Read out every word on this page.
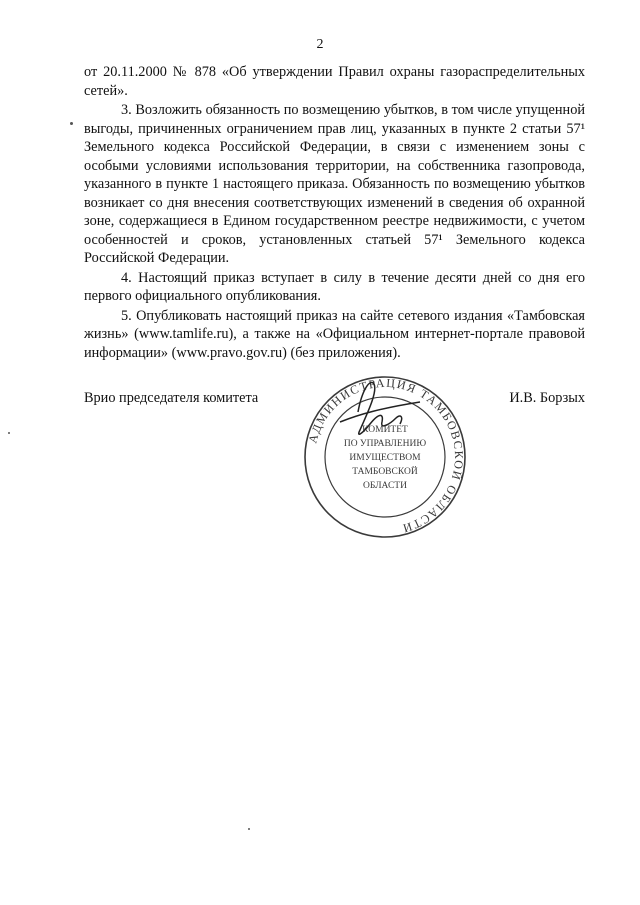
2

от 20.11.2000 № 878 «Об утверждении Правил охраны газораспределительных сетей».

3. Возложить обязанность по возмещению убытков, в том числе упущенной выгоды, причиненных ограничением прав лиц, указанных в пункте 2 статьи 57¹ Земельного кодекса Российской Федерации, в связи с изменением зоны с особыми условиями использования территории, на собственника газопровода, указанного в пункте 1 настоящего приказа. Обязанность по возмещению убытков возникает со дня внесения соответствующих изменений в сведения об охранной зоне, содержащиеся в Едином государственном реестре недвижимости, с учетом особенностей и сроков, установленных статьей 57¹ Земельного кодекса Российской Федерации.

4. Настоящий приказ вступает в силу в течение десяти дней со дня его первого официального опубликования.

5. Опубликовать настоящий приказ на сайте сетевого издания «Тамбовская жизнь» (www.tamlife.ru), а также на «Официальном интернет-портале правовой информации» (www.pravo.gov.ru) (без приложения).

Врио председателя комитета	И.В. Борзых
АДМИНИСТРАЦИЯ ТАМБОВСКОЙ ОБЛАСТИ
КОМИТЕТ
ПО УПРАВЛЕНИЮ
ИМУЩЕСТВОМ
ТАМБОВСКОЙ
ОБЛАСТИ
